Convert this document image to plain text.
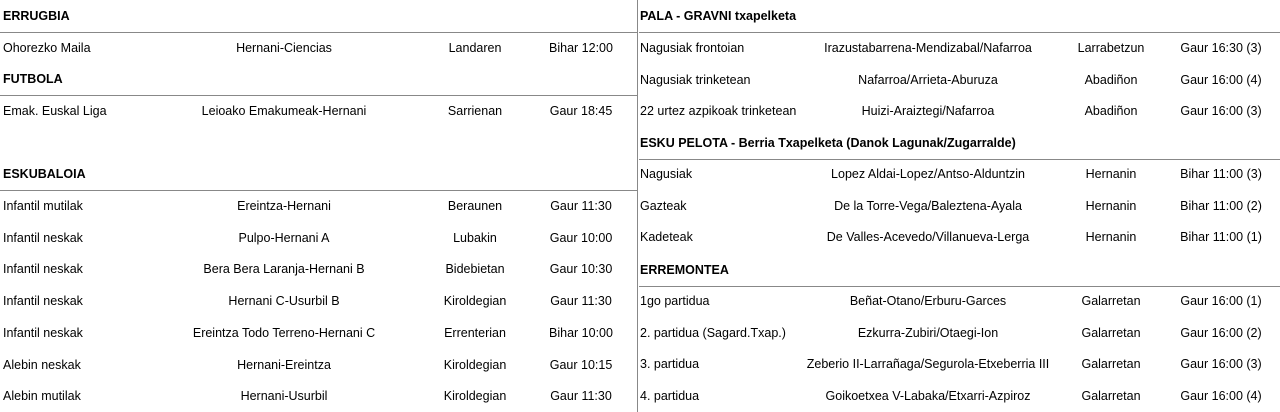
ERRUGBIA
Ohorezko Maila	Hernani-Ciencias	Landaren	Bihar 12:00
FUTBOLA
Emak. Euskal Liga	Leioako Emakumeak-Hernani	Sarrienan	Gaur 18:45
ESKUBALOIA
Infantil mutilak	Ereintza-Hernani	Beraunen	Gaur 11:30
Infantil neskak	Pulpo-Hernani A	Lubakin	Gaur 10:00
Infantil neskak	Bera Bera Laranja-Hernani B	Bidebietan	Gaur 10:30
Infantil neskak	Hernani C-Usurbil B	Kiroldegian	Gaur 11:30
Infantil neskak	Ereintza Todo Terreno-Hernani C	Errenterian	Bihar 10:00
Alebin neskak	Hernani-Ereintza	Kiroldegian	Gaur 10:15
Alebin mutilak	Hernani-Usurbil	Kiroldegian	Gaur 11:30
PALA - GRAVNI txapelketa
Nagusiak frontoian	Irazustabarrena-Mendizabal/Nafarroa	Larrabetzun	Gaur 16:30 (3)
Nagusiak trinketean	Nafarroa/Arrieta-Aburuza	Abadiñon	Gaur 16:00 (4)
22 urtez azpikoak trinketean	Huizi-Araiztegi/Nafarroa	Abadiñon	Gaur 16:00 (3)
ESKU PELOTA - Berria Txapelketa (Danok Lagunak/Zugarralde)
Nagusiak	Lopez Aldai-Lopez/Antso-Alduntzin	Hernanin	Bihar 11:00 (3)
Gazteak	De la Torre-Vega/Baleztena-Ayala	Hernanin	Bihar 11:00 (2)
Kadeteak	De Valles-Acevedo/Villanueva-Lerga	Hernanin	Bihar 11:00 (1)
ERREMONTEA
1go partidua	Beñat-Otano/Erburu-Garces	Galarretan	Gaur 16:00 (1)
2. partidua (Sagard.Txap.)	Ezkurra-Zubiri/Otaegi-Ion	Galarretan	Gaur 16:00 (2)
3. partidua	Zeberio II-Larrañaga/Segurola-Etxeberria III	Galarretan	Gaur 16:00 (3)
4. partidua	Goikoetxea V-Labaka/Etxarri-Azpiroz	Galarretan	Gaur 16:00 (4)
